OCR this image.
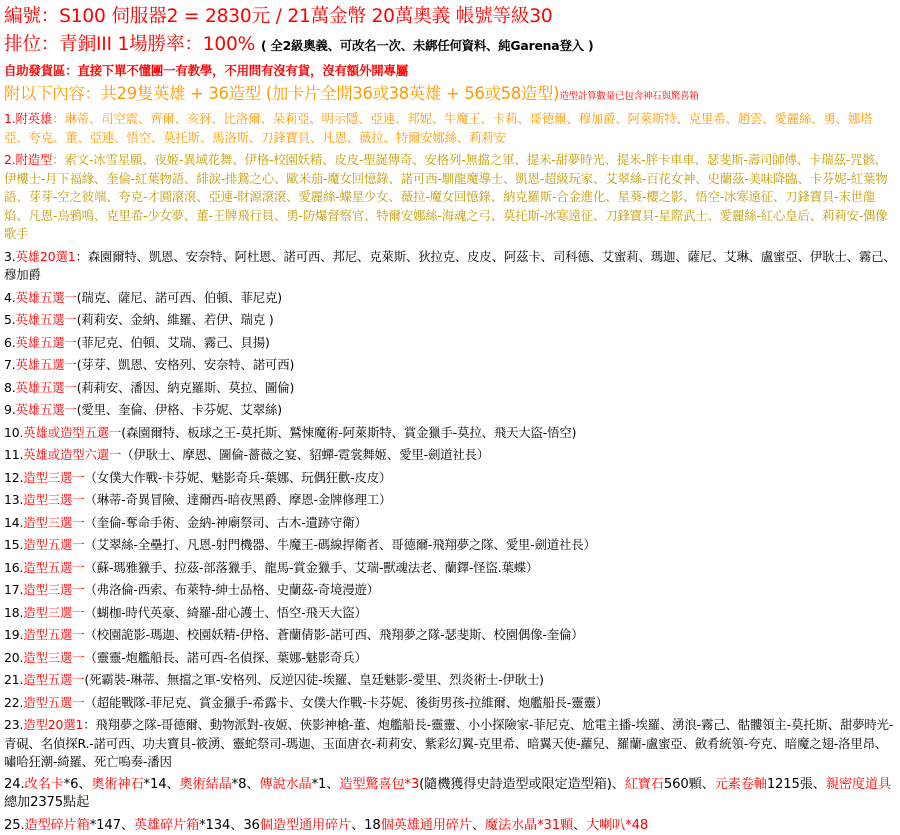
編號：S100 伺服器2 = 2830元 / 21萬金幣 20萬奧義 帳號等級30
排位：青銅III 1場勝率：100% ( 全2級奧義、可改名一次、未綁任何資料、純Garena登入 )
自助發貨區：直接下單不懂團一有教學，不用問有沒有貨，沒有額外開專屬
附以下內容：共29隻英雄 + 36造型 (加卡片全開36或38英雄 + 56或58造型)造型計算數量已包含神石與驚喜箱
1.附英雄：琳蒂、司空震、齊爾、亥犽、比洛爾、朵莉亞、明示隱、亞連、邦妮、牛魔王、卡莉、哥德爾、穆加爵、阿萊斯特、克里希、趙雲、愛麗絲、勇、娜塔亞、夸克、董、亞連、悟空、莫托斯、馬洛斯、刀鋒寶貝、凡恩、薇拉、特爾安娜絲、莉莉安
2.附造型：索文-冰雪星願、夜姬-異域花舞、伊格-校園妖精、皮皮-聖誕傳奇、安格列-無擋之軍、提米-甜夢時光、提米-胖卡車車、瑟斐斯-壽司師傅、卡瑞茲-咒骸、伊樓士-月下福緣、奎倫-紅葉物語、緋淚-排鴛之心、歐米茄-魔女回憶錄、諾可西-馴龍魔導士、凱恩-超級玩家、艾翠絲-百花女神、史蘭茲-美味降臨、卡芬妮-紅葉物語、芽芽-空之彼端、夸克-才圓滾滾、亞連-財源滾滾、愛麗絲-蝶星少女、薇拉-魔女回憶錄、納克羅斯-合金進化、星葵-櫻之影、悟空-冰寒遠征、刀鋒寶貝-末世龍焰、凡恩-烏鴉鳴、克里希-少女夢、董-王牌飛行員、勇-防爆督察官、特爾安娜絲-海魂之弓、莫托斯-冰寒遠征、刀鋒寶貝-星際武士、愛麗絲-紅心皇后、莉莉安-偶像歌手
3.英雄20選1：森園爾特、凱恩、安奈特、阿杜恩、諾可西、邦尼、克萊斯、狄拉克、皮皮、阿茲卡、司科德、艾蜜莉、瑪迦、薩尼、艾琳、盧蜜亞、伊耿士、霧己、穆加爵
4.英雄五選一(瑞克、薩尼、諾可西、伯頓、菲尼克)
5.英雄五選一(莉莉安、金納、維羅、若伊、瑞克 )
6.英雄五選一(菲尼克、伯頓、艾瑞、霧己、貝揚)
7.英雄五選一(芽芽、凱恩、安格列、安奈特、諾可西)
8.英雄五選一(莉莉安、潘因、納克羅斯、莫拉、圖倫)
9.英雄五選一(愛里、奎倫、伊格、卡芬妮、艾翠絲)
10.英雄或造型五選一(森園爾特、板球之王-莫托斯、鷲悚魔術-阿萊斯特、賞金獵手-莫拉、飛天大盜-悟空)
11.英雄或造型六選一（伊耿士、摩恩、圖倫-薔薇之宴、貂蟬-霓裳舞姬、愛里-劍道社長）
12.造型三選一（女僕大作戰-卡芬妮、魅影奇兵-葉娜、玩偶狂歡-皮皮）
13.造型三選一（琳蒂-奇異冒險、達爾西-暗夜黑爵、摩恩-金牌修理工）
14.造型三選一（奎倫-奪命手術、金納-神廟祭司、古木-遺跡守衛）
15.造型五選一（艾翠絲-全壘打、凡恩-射門機器、牛魔王-碼線捍衛者、哥德爾-飛翔夢之隊、愛里-劍道社長）
16.造型五選一（蘇-瑪雅獵手、拉茲-部落獵手、龍馬-賞金獵手、艾瑞-獸魂法老、蘭鐸-怪盜.葉蝶）
17.造型三選一（弗洛倫-西索、布萊特-紳士品格、史蘭茲-奇境漫遊）
18.造型三選一（蝴枷-時代英豪、綺羅-甜心護士、悟空-飛天大盜）
19.造型五選一（校園詭影-瑪迦、校園妖精-伊格、蒼蘭倩影-諾可西、飛翔夢之隊-瑟斐斯、校園偶像-奎倫）
20.造型三選一（靈靈-炮艦船長、諾可西-名偵探、葉娜-魅影奇兵）
21.造型五選一(死霸裝-琳蒂、無擋之軍-安格列、反逆囚徒-埃羅、皇廷魅影-愛里、烈炎術士-伊耿士)
22.造型五選一（超能戰隊-菲尼克、賞金獵手-希露卡、女僕大作戰-卡芬妮、後街男孩-拉維爾、炮艦船長-靈靈）
23.造型20選1：飛翔夢之隊-哥德爾、動物派對-夜姬、俠影神槍-董、炮艦船長-靈靈、小小探險家-菲尼克、尬電主播-埃羅、湧浪-霧己、骷髏領主-莫托斯、甜夢時光-青硯、名偵探R.-諾可西、功夫寶貝-筱湧、靈蛇祭司-瑪迦、玉面唐衣-莉莉安、紫彩幻翼-克里希、暗翼天使-蘿兒、羅蘭-盧蜜亞、斂肴統領-夸克、暗魔之翅-洛里昂、嘯哈狂潮-綺羅、死亡嗚奏-潘因
24.改名卡*6、奧術神石*14、奧術結晶*8、傳說水晶*1、造型驚喜包*3(隨機獲得史詩造型或限定造型箱)、紅寶石560顆、元素卷軸1215張、親密度道具總加2375點起
25.造型碎片箱*147、英雄碎片箱*134、36個造型通用碎片、18個英雄通用碎片、魔法水晶*31顆、大喇叭*48
